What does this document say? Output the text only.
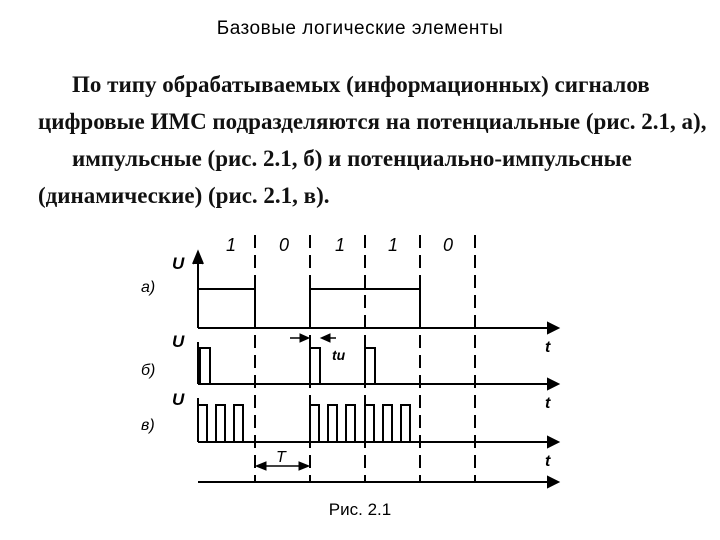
Базовые логические элементы
По типу обрабатываемых (информационных) сигналов
цифровые ИМС подразделяются на потенциальные (рис. 2.1, а),
импульсные (рис. 2.1, б) и потенциально-импульсные
(динамические) (рис. 2.1, в).
1 0	1 1 0
U
U
U
а)
б)
в)
t
t
t
tи
T
Рис. 2.1
